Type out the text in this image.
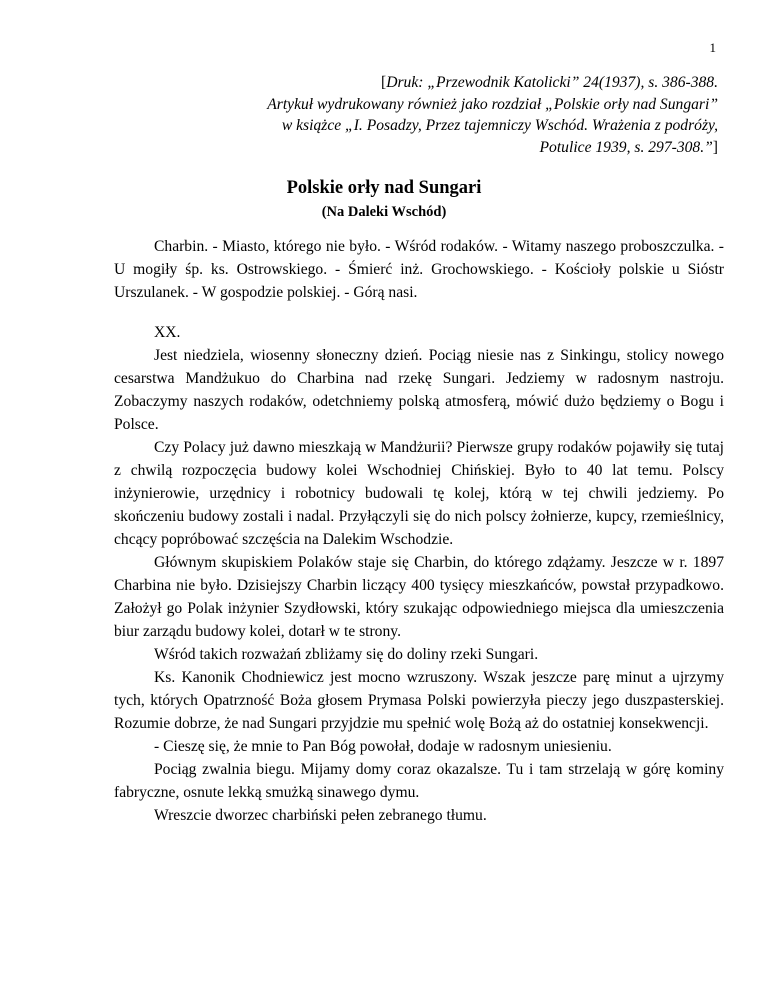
1
[Druk: „Przewodnik Katolicki” 24(1937), s. 386-388.
Artykuł wydrukowany również jako rozdział „Polskie orły nad Sungari”
w książce „I. Posadzy, Przez tajemniczy Wschód. Wrażenia z podróży,
Potulice 1939, s. 297-308.”]
Polskie orły nad Sungari
(Na Daleki Wschód)

Charbin. - Miasto, którego nie było. - Wśród rodaków. - Witamy naszego proboszczulka. - U mogiły śp. ks. Ostrowskiego. - Śmierć inż. Grochowskiego. - Kościoły polskie u Sióstr Urszulanek. - W gospodzie polskiej. - Górą nasi.

XX.

Jest niedziela, wiosenny słoneczny dzień. Pociąg niesie nas z Sinkingu, stolicy nowego cesarstwa Mandżukuo do Charbina nad rzekę Sungari. Jedziemy w radosnym nastroju. Zobaczymy naszych rodaków, odetchniemy polską atmosferą, mówić dużo będziemy o Bogu i Polsce.

Czy Polacy już dawno mieszkają w Mandżurii? Pierwsze grupy rodaków pojawiły się tutaj z chwilą rozpoczęcia budowy kolei Wschodniej Chińskiej. Było to 40 lat temu. Polscy inżynierowie, urzędnicy i robotnicy budowali tę kolej, którą w tej chwili jedziemy. Po skończeniu budowy zostali i nadal. Przyłączyli się do nich polscy żołnierze, kupcy, rzemieślnicy, chcący popróbować szczęścia na Dalekim Wschodzie.

Głównym skupiskiem Polaków staje się Charbin, do którego zdążamy. Jeszcze w r. 1897 Charbina nie było. Dzisiejszy Charbin liczący 400 tysięcy mieszkańców, powstał przypadkowo. Założył go Polak inżynier Szydłowski, który szukając odpowiedniego miejsca dla umieszczenia biur zarządu budowy kolei, dotarł w te strony.

Wśród takich rozważań zbliżamy się do doliny rzeki Sungari.

Ks. Kanonik Chodniewicz jest mocno wzruszony. Wszak jeszcze parę minut a ujrzymy tych, których Opatrzność Boża głosem Prymasa Polski powierzyła pieczy jego duszpasterskiej. Rozumie dobrze, że nad Sungari przyjdzie mu spełnić wolę Bożą aż do ostatniej konsekwencji.

- Cieszę się, że mnie to Pan Bóg powołał, dodaje w radosnym uniesieniu.

Pociąg zwalnia biegu. Mijamy domy coraz okazalsze. Tu i tam strzelają w górę kominy fabryczne, osnute lekką smużką sinawego dymu.

Wreszcie dworzec charbiński pełen zebranego tłumu.
